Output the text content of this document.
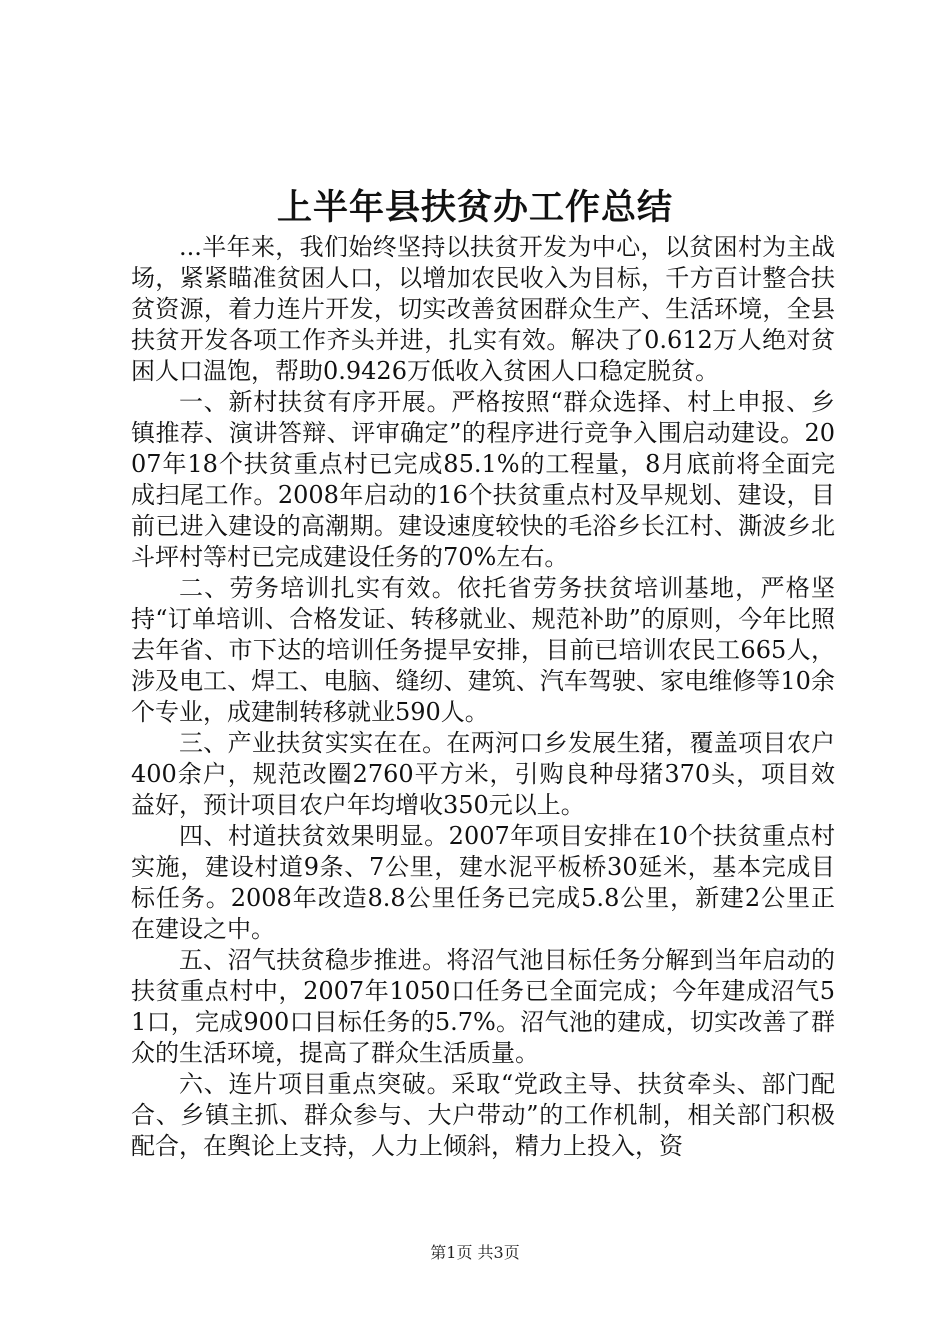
上半年县扶贫办工作总结

...半年来，我们始终坚持以扶贫开发为中心，以贫困村为主战场，紧紧瞄准贫困人口，以增加农民收入为目标，千方百计整合扶贫资源，着力连片开发，切实改善贫困群众生产、生活环境，全县扶贫开发各项工作齐头并进，扎实有效。解决了0.612万人绝对贫困人口温饱，帮助0.9426万低收入贫困人口稳定脱贫。

一、新村扶贫有序开展。严格按照“群众选择、村上申报、乡镇推荐、演讲答辩、评审确定”的程序进行竞争入围启动建设。2007年18个扶贫重点村已完成85.1%的工程量，8月底前将全面完成扫尾工作。2008年启动的16个扶贫重点村及早规划、建设，目前已进入建设的高潮期。建设速度较快的毛浴乡长江村、澌波乡北斗坪村等村已完成建设任务的70%左右。

二、劳务培训扎实有效。依托省劳务扶贫培训基地，严格坚持“订单培训、合格发证、转移就业、规范补助”的原则，今年比照去年省、市下达的培训任务提早安排，目前已培训农民工665人，涉及电工、焊工、电脑、缝纫、建筑、汽车驾驶、家电维修等10余个专业，成建制转移就业590人。

三、产业扶贫实实在在。在两河口乡发展生猪，覆盖项目农户400余户，规范改圈2760平方米，引购良种母猪370头，项目效益好，预计项目农户年均增收350元以上。

四、村道扶贫效果明显。2007年项目安排在10个扶贫重点村实施，建设村道9条、7公里，建水泥平板桥30延米，基本完成目标任务。2008年改造8.8公里任务已完成5.8公里，新建2公里正在建设之中。

五、沼气扶贫稳步推进。将沼气池目标任务分解到当年启动的扶贫重点村中，2007年1050口任务已全面完成；今年建成沼气51口，完成900口目标任务的5.7%。沼气池的建成，切实改善了群众的生活环境，提高了群众生活质量。

六、连片项目重点突破。采取“党政主导、扶贫牵头、部门配合、乡镇主抓、群众参与、大户带动”的工作机制，相关部门积极配合，在舆论上支持，人力上倾斜，精力上投入，资

第1页 共3页
